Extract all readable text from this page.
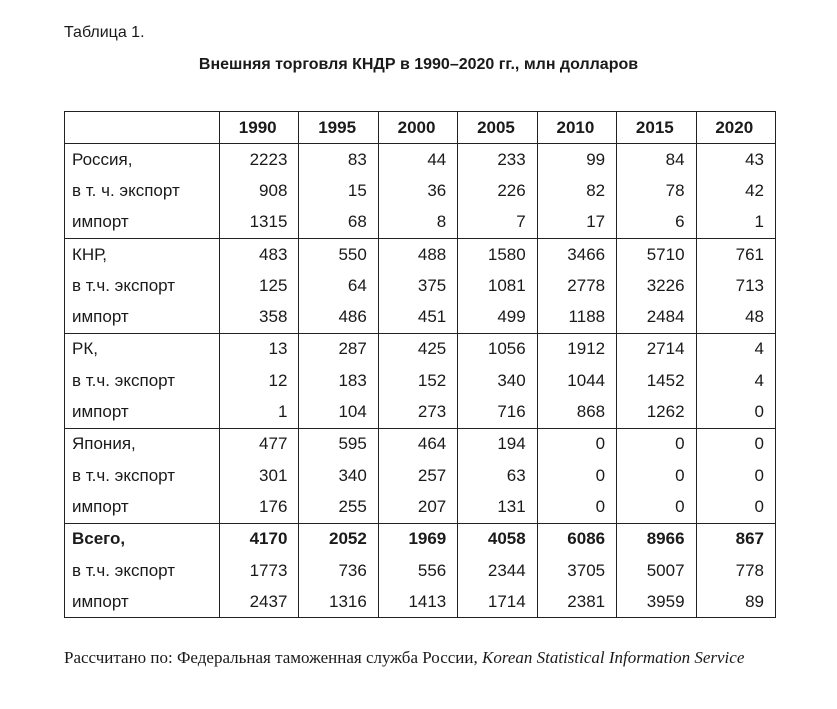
Таблица 1.
Внешняя торговля КНДР в 1990–2020 гг., млн долларов
	1990	1995	2000	2005	2010	2015	2020
Россия,	2223	83	44	233	99	84	43
в т. ч. экспорт	908	15	36	226	82	78	42
импорт	1315	68	8	7	17	6	1
КНР,	483	550	488	1580	3466	5710	761
в т.ч. экспорт	125	64	375	1081	2778	3226	713
импорт	358	486	451	499	1188	2484	48
РК,	13	287	425	1056	1912	2714	4
в т.ч. экспорт	12	183	152	340	1044	1452	4
импорт	1	104	273	716	868	1262	0
Япония,	477	595	464	194	0	0	0
в т.ч. экспорт	301	340	257	63	0	0	0
импорт	176	255	207	131	0	0	0
Всего,	4170	2052	1969	4058	6086	8966	867
в т.ч. экспорт	1773	736	556	2344	3705	5007	778
импорт	2437	1316	1413	1714	2381	3959	89
Рассчитано по: Федеральная таможенная служба России, Korean Statistical Information Service
